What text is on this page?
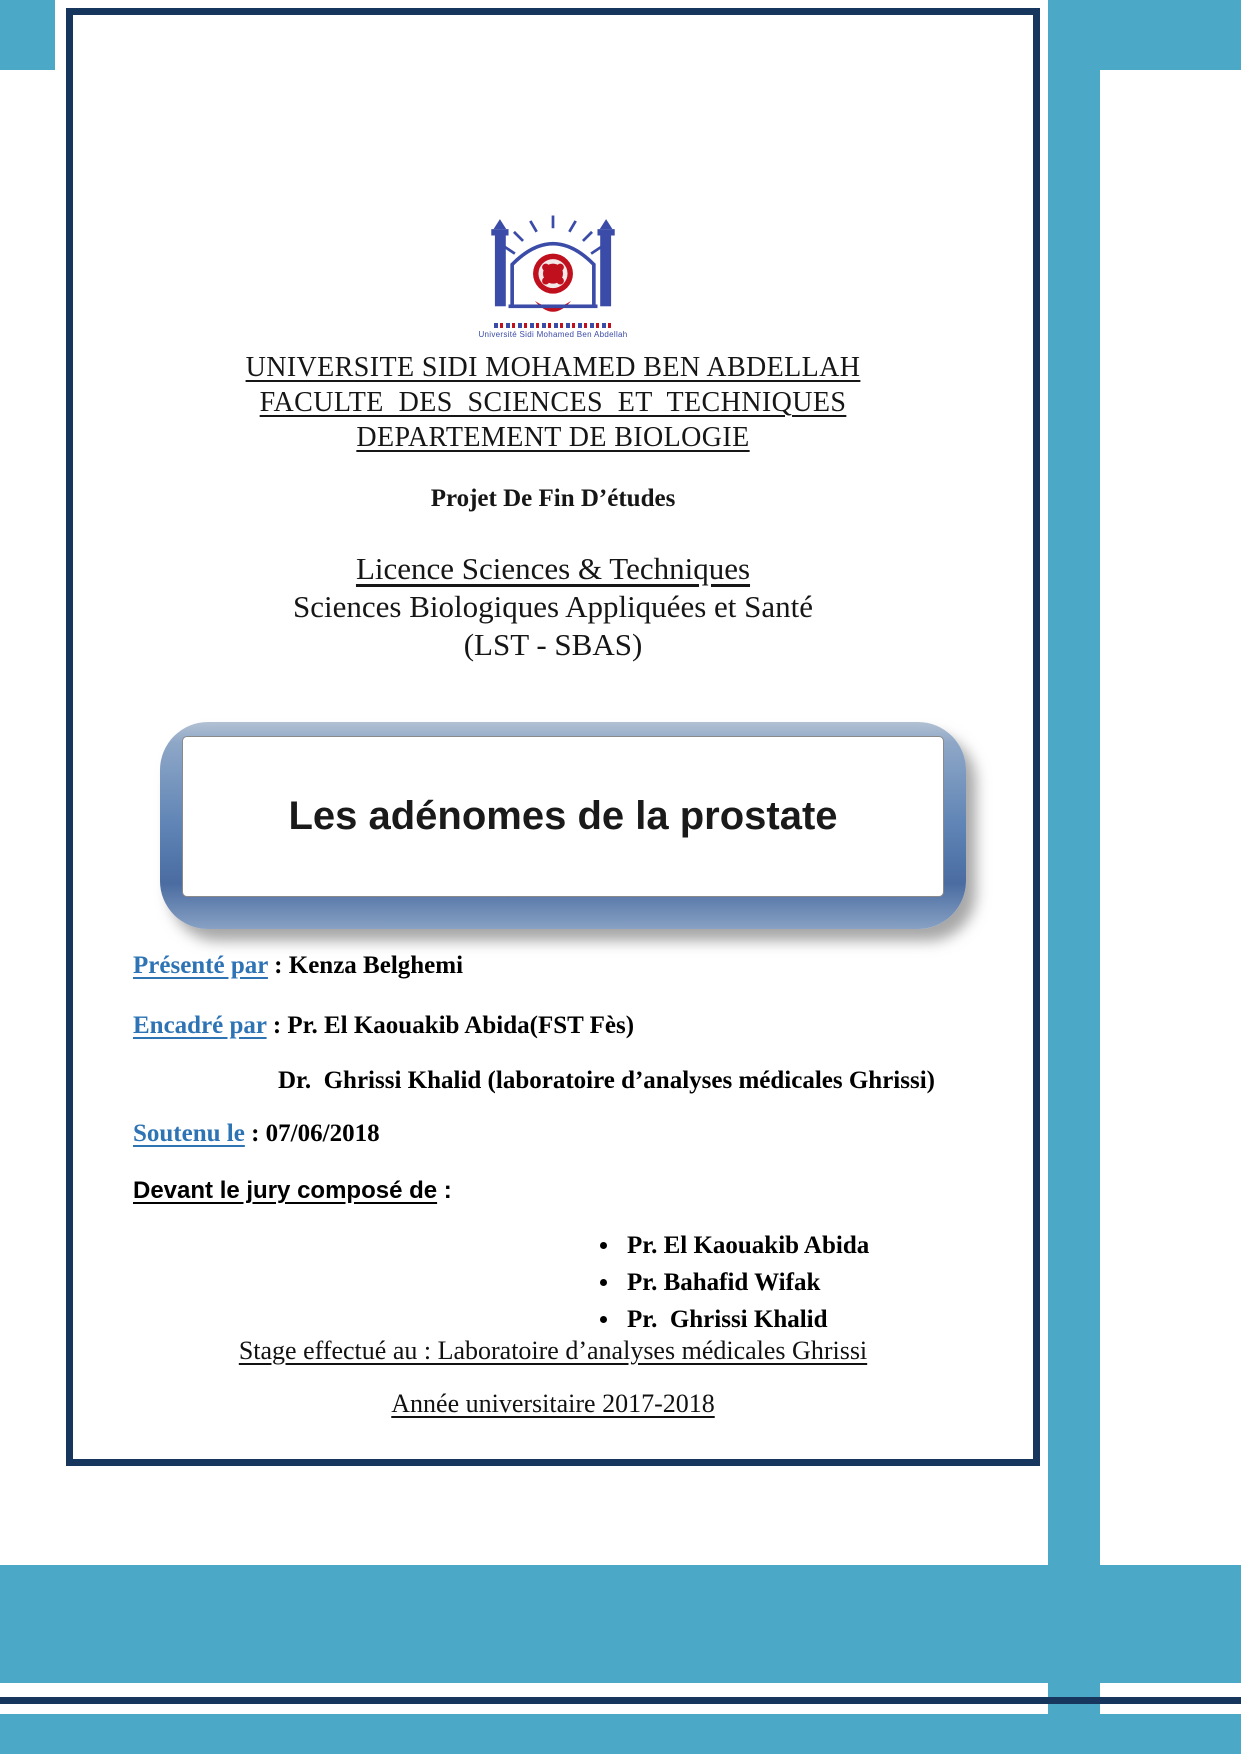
Université Sidi Mohamed Ben Abdellah
UNIVERSITE SIDI MOHAMED BEN ABDELLAH
FACULTE  DES  SCIENCES  ET  TECHNIQUES
DEPARTEMENT DE BIOLOGIE
Projet De Fin D’études
Licence Sciences & Techniques
Sciences Biologiques Appliquées et Santé
(LST - SBAS)
Les adénomes de la prostate
Présenté par : Kenza Belghemi
Encadré par : Pr. El Kaouakib Abida(FST Fès)
Dr.  Ghrissi Khalid (laboratoire d’analyses médicales Ghrissi)
Soutenu le : 07/06/2018
Devant le jury composé de :
• Pr. El Kaouakib Abida
• Pr. Bahafid Wifak
• Pr.  Ghrissi Khalid
Stage effectué au : Laboratoire d’analyses médicales Ghrissi
Année universitaire 2017-2018
